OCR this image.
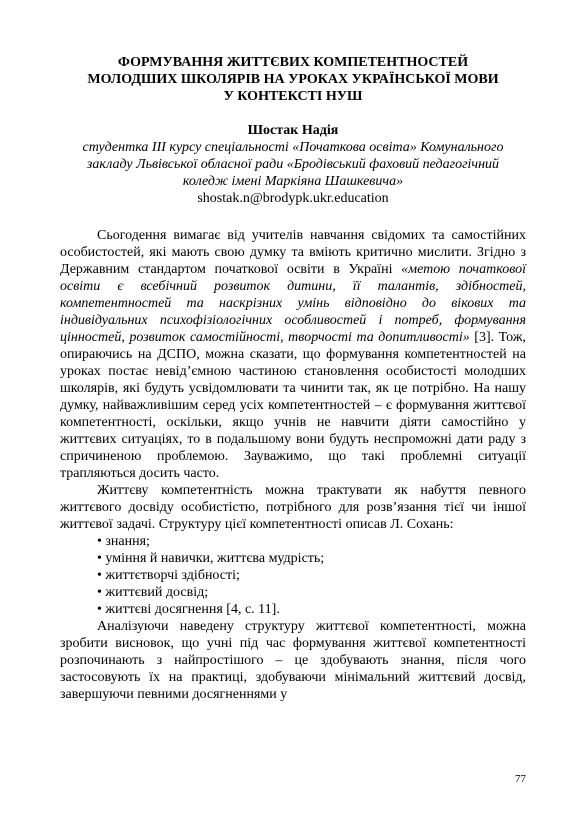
ФОРМУВАННЯ ЖИТТЄВИХ КОМПЕТЕНТНОСТЕЙ
МОЛОДШИХ ШКОЛЯРІВ НА УРОКАХ УКРАЇНСЬКОЇ МОВИ
У КОНТЕКСТІ НУШ
Шостак Надія
студентка ІІІ курсу спеціальності «Початкова освіта» Комунального
закладу Львівської обласної ради «Бродівський фаховий педагогічний
коледж імені Маркіяна Шашкевича»
shostak.n@brodypk.ukr.education

Сьогодення вимагає від учителів навчання свідомих та самостійних особистостей, які мають свою думку та вміють критично мислити. Згідно з Державним стандартом початкової освіти в Україні «метою початкової освіти є всебічний розвиток дитини, її талантів, здібностей, компетентностей та наскрізних умінь відповідно до вікових та індивідуальних психофізіологічних особливостей і потреб, формування цінностей, розвиток самостійності, творчості та допитливості» [3]. Тож, опираючись на ДСПО, можна сказати, що формування компетентностей на уроках постає невід’ємною частиною становлення особистості молодших школярів, які будуть усвідомлювати та чинити так, як це потрібно. На нашу думку, найважливішим серед усіх компетентностей – є формування життєвої компетентності, оскільки, якщо учнів не навчити діяти самостійно у життєвих ситуаціях, то в подальшому вони будуть неспроможні дати раду з спричиненою проблемою. Зауважимо, що такі проблемні ситуації трапляються досить часто.

Життєву компетентність можна трактувати як набуття певного життєвого досвіду особистістю, потрібного для розв’язання тієї чи іншої життєвої задачі. Структуру цієї компетентності описав Л. Сохань:

• знання;
• уміння й навички, життєва мудрість;
• життєтворчі здібності;
• життєвий досвід;
• життєві досягнення [4, с. 11].

Аналізуючи наведену структуру життєвої компетентності, можна зробити висновок, що учні під час формування життєвої компетентності розпочинають з найпростішого – це здобувають знання, після чого застосовують їх на практиці, здобуваючи мінімальний життєвий досвід, завершуючи певними досягненнями у

77
